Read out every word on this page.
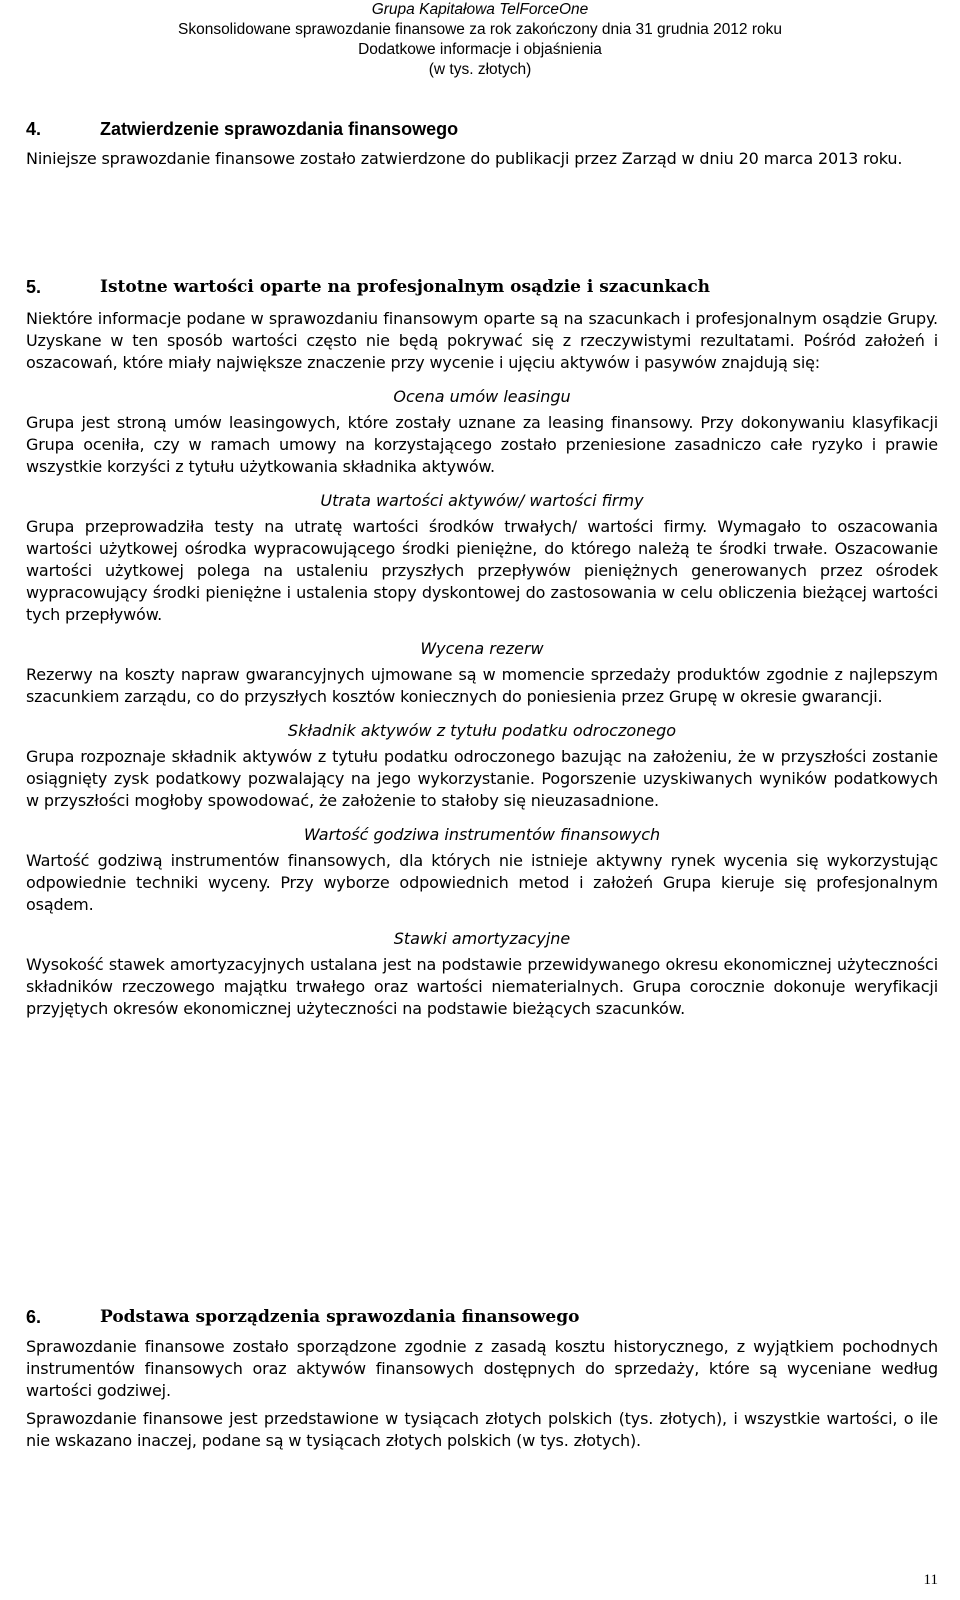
Grupa Kapitałowa TelForceOne
Skonsolidowane sprawozdanie finansowe za rok zakończony dnia 31 grudnia 2012 roku
Dodatkowe informacje i objaśnienia
(w tys. złotych)
4.	Zatwierdzenie sprawozdania finansowego

Niniejsze sprawozdanie finansowe zostało zatwierdzone do publikacji przez Zarząd w dniu 20 marca 2013 roku.

5.	Istotne wartości oparte na profesjonalnym osądzie i szacunkach

Niektóre informacje podane w sprawozdaniu finansowym oparte są na szacunkach i profesjonalnym osądzie Grupy. Uzyskane w ten sposób wartości często nie będą pokrywać się z rzeczywistymi rezultatami. Pośród założeń i oszacowań, które miały największe znaczenie przy wycenie i ujęciu aktywów i pasywów znajdują się:

Ocena umów leasingu

Grupa jest stroną umów leasingowych, które zostały uznane za leasing finansowy. Przy dokonywaniu klasyfikacji Grupa oceniła, czy w ramach umowy na korzystającego zostało przeniesione zasadniczo całe ryzyko i prawie wszystkie korzyści z tytułu użytkowania składnika aktywów.

Utrata wartości aktywów/ wartości firmy

Grupa przeprowadziła testy na utratę wartości środków trwałych/ wartości firmy. Wymagało to oszacowania wartości użytkowej ośrodka wypracowującego środki pieniężne, do którego należą te środki trwałe. Oszacowanie wartości użytkowej polega na ustaleniu przyszłych przepływów pieniężnych generowanych przez ośrodek wypracowujący środki pieniężne i ustalenia stopy dyskontowej do zastosowania w celu obliczenia bieżącej wartości tych przepływów.

Wycena rezerw

Rezerwy na koszty napraw gwarancyjnych ujmowane są w momencie sprzedaży produktów zgodnie z najlepszym szacunkiem zarządu, co do przyszłych kosztów koniecznych do poniesienia przez Grupę w okresie gwarancji.

Składnik aktywów z tytułu podatku odroczonego

Grupa rozpoznaje składnik aktywów z tytułu podatku odroczonego bazując na założeniu, że w przyszłości zostanie osiągnięty zysk podatkowy pozwalający na jego wykorzystanie. Pogorszenie uzyskiwanych wyników podatkowych w przyszłości mogłoby spowodować, że założenie to stałoby się nieuzasadnione.

Wartość godziwa instrumentów finansowych

Wartość godziwą instrumentów finansowych, dla których nie istnieje aktywny rynek wycenia się wykorzystując odpowiednie techniki wyceny. Przy wyborze odpowiednich metod i założeń Grupa kieruje się profesjonalnym osądem.

Stawki amortyzacyjne

Wysokość stawek amortyzacyjnych ustalana jest na podstawie przewidywanego okresu ekonomicznej użyteczności składników rzeczowego majątku trwałego oraz wartości niematerialnych. Grupa corocznie dokonuje weryfikacji przyjętych okresów ekonomicznej użyteczności na podstawie bieżących szacunków.

6.	Podstawa sporządzenia sprawozdania finansowego

Sprawozdanie finansowe zostało sporządzone zgodnie z zasadą kosztu historycznego, z wyjątkiem pochodnych instrumentów finansowych oraz aktywów finansowych dostępnych do sprzedaży, które są wyceniane według wartości godziwej.

Sprawozdanie finansowe jest przedstawione w tysiącach złotych polskich (tys. złotych), i wszystkie wartości, o ile nie wskazano inaczej, podane są w tysiącach złotych polskich (w tys. złotych).

11
